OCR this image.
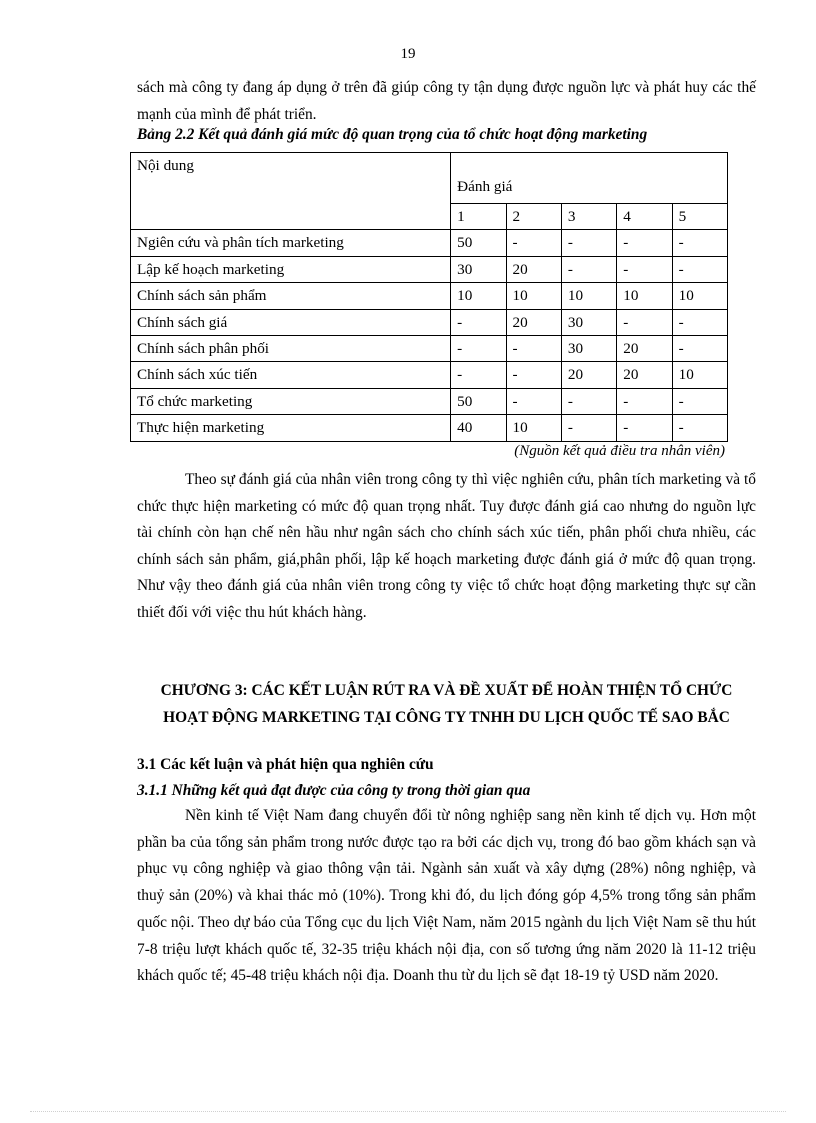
19
sách mà công ty đang áp dụng ở trên đã giúp công ty tận dụng được nguồn lực và phát huy các thế mạnh của mình để phát triển.
Bảng 2.2 Kết quả đánh giá mức độ quan trọng của tổ chức hoạt động marketing
Nội dung	Đánh giá				
	1	2	3	4	5
Ngiên cứu và phân tích marketing	50	-	-	-	-
Lập kế hoạch marketing	30	20	-	-	-
Chính sách sản phẩm	10	10	10	10	10
Chính sách giá	-	20	30	-	-
Chính sách phân phối	-	-	30	20	-
Chính sách xúc tiến	-	-	20	20	10
Tổ chức marketing	50	-	-	-	-
Thực hiện marketing	40	10	-	-	-
(Nguồn kết quả điều tra nhân viên)
Theo sự đánh giá của nhân viên trong công ty thì việc nghiên cứu, phân tích marketing và tổ chức thực hiện marketing có mức độ quan trọng nhất. Tuy được đánh giá cao nhưng do nguồn lực tài chính còn hạn chế nên hầu như ngân sách cho chính sách xúc tiến, phân phối chưa nhiều, các chính sách sản phẩm, giá,phân phối, lập kế hoạch marketing được đánh giá ở mức độ quan trọng. Như vậy theo đánh giá của nhân viên trong công ty việc tổ chức hoạt động marketing thực sự cần thiết đối với việc thu hút khách hàng.
CHƯƠNG 3: CÁC KẾT LUẬN RÚT RA VÀ ĐỀ XUẤT ĐỂ HOÀN THIỆN TỔ CHỨC HOẠT ĐỘNG MARKETING TẠI CÔNG TY TNHH DU LỊCH QUỐC TẾ SAO BẮC
3.1 Các kết luận và phát hiện qua nghiên cứu
3.1.1 Những kết quả đạt được của công ty trong thời gian qua
Nền kinh tế Việt Nam đang chuyển đổi từ nông nghiệp sang nền kinh tế dịch vụ. Hơn một phần ba của tổng sản phẩm trong nước được tạo ra bởi các dịch vụ, trong đó bao gồm khách sạn và phục vụ công nghiệp và giao thông vận tải. Ngành sản xuất và xây dựng (28%) nông nghiệp, và thuỷ sản (20%) và khai thác mỏ (10%). Trong khi đó, du lịch đóng góp 4,5% trong tổng sản phẩm quốc nội. Theo dự báo của Tổng cục du lịch Việt Nam, năm 2015 ngành du lịch Việt Nam sẽ thu hút 7-8 triệu lượt khách quốc tế, 32-35 triệu khách nội địa, con số tương ứng năm 2020 là 11-12 triệu khách quốc tế; 45-48 triệu khách nội địa. Doanh thu từ du lịch sẽ đạt 18-19 tỷ USD năm 2020.
